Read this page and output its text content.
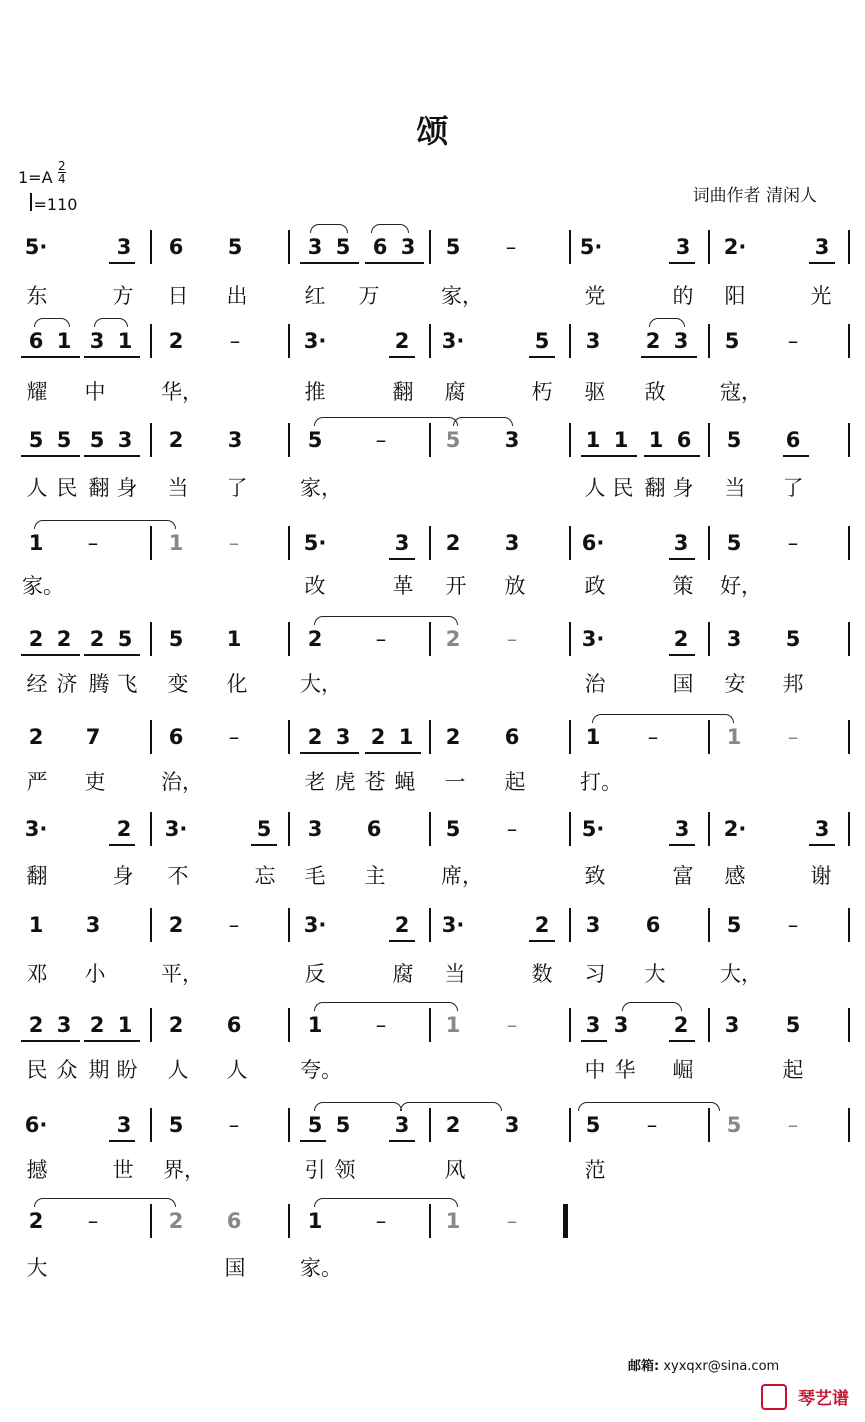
颂
$1=A \frac{2}{4}$
=110	词曲作者 清闲人
5·	3 6 5	3 5 6 3 5	–	5·	3 2·	3
东	方 日 出	红 万	家，	党	的 阳	光
6 1 3 1 2	–	3·	2 3·	5 3 2 3 5	–
耀 中	华，	推	翻 腐	朽 驱 敌	寇，
5 5 5 3 2 3	5	–	5 3	1 1 1 6 5 6
人 民 翻 身 当 了	家，	人 民 翻 身 当 了
1	–	1	–	5·	3 2 3	6·	3 5	–
家。	改	革 开 放	政	策 好，
2 2 2 5 5 1	2	–	2	–	3·	2 3 5
经 济 腾 飞 变 化	大，	治	国 安 邦
2 7	6	–	2 3 2 1 2 6	1	–	1	–
严 吏	治，	老 虎 苍 蝇 一 起	打。
3·	2 3·	5 3 6	5	–	5·	3 2·	3
翻	身 不	忘 毛 主	席，	致	富 感	谢
1 3	2	–	3·	2 3·	2 3 6	5	–
邓 小	平，	反	腐 当	数 习 大	大，
2 3 2 1 2 6	1	–	1	–	3 3 2 3 5
民 众 期 盼 人 人	夸。	中 华 崛	起
6·	3 5	–	5 5 3 2 3	5	–	5	–
撼	世 界，	引 领	风	范
2	–	2 6	1	–	1	–
大	国	家。
邮箱: xyxqxr@sina.com
琴艺谱
